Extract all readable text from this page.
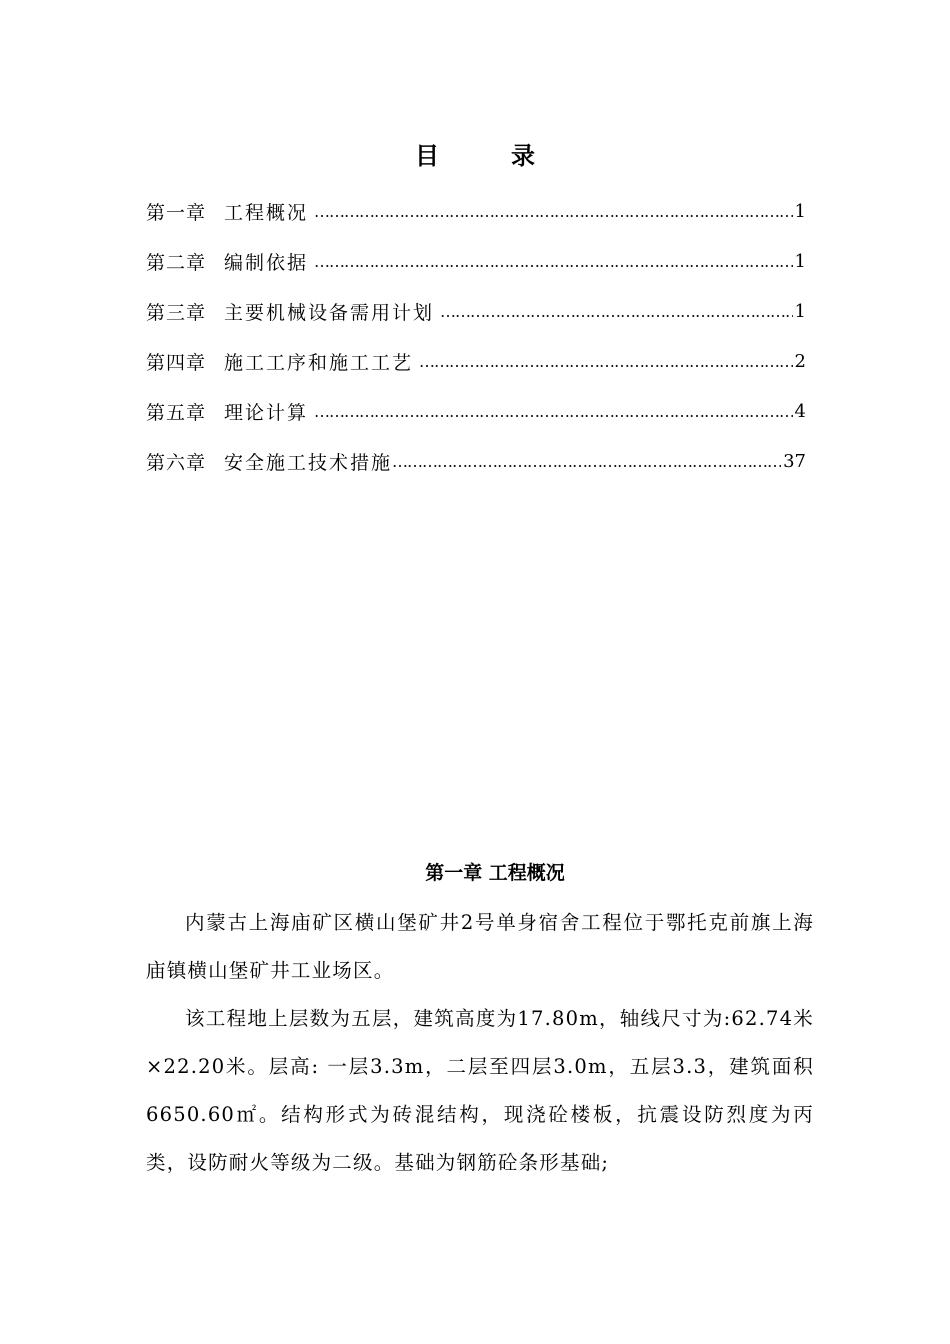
目	录
第一章 工程概况 ……………………………………………………………………………………………………………………	1
第二章 编制依据 ……………………………………………………………………………………………………………………	1
第三章 主要机械设备需用计划 ……………………………………………………………………………………………………………………	1
第四章 施工工序和施工工艺 ……………………………………………………………………………………………………………………	2
第五章 理论计算 ……………………………………………………………………………………………………………………	4
第六章 安全施工技术措施 ……………………………………………………………………………………………………………………	37
第一章 工程概况

内蒙古上海庙矿区横山堡矿井2号单身宿舍工程位于鄂托克前旗上海庙镇横山堡矿井工业场区。

该工程地上层数为五层，建筑高度为17.80m，轴线尺寸为:62.74米×22.20米。层高: 一层3.3m，二层至四层3.0m，五层3.3，建筑面积6650.60㎡。结构形式为砖混结构，现浇砼楼板，抗震设防烈度为丙类，设防耐火等级为二级。基础为钢筋砼条形基础;
